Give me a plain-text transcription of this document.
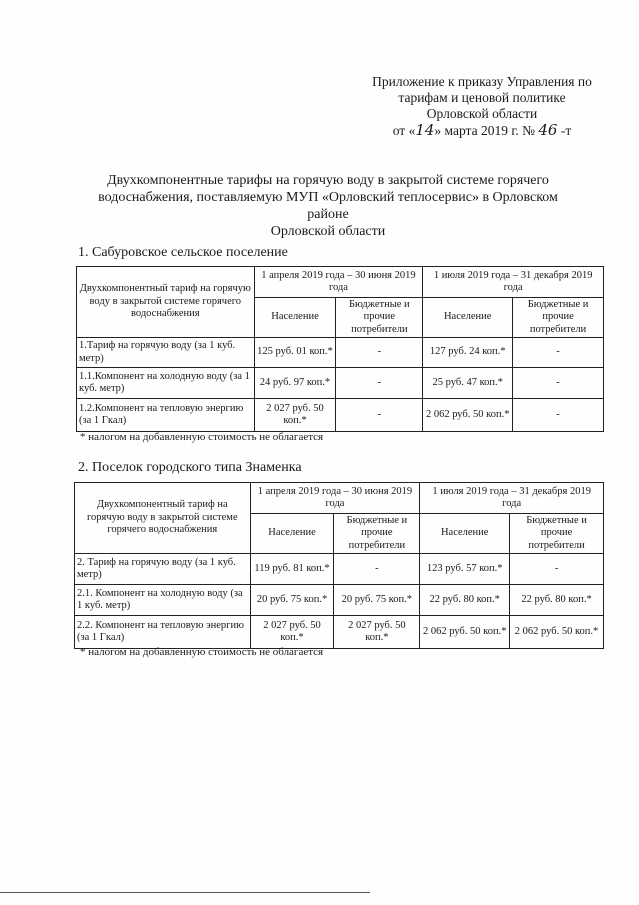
Приложение к приказу Управления по
тарифам и ценовой политике
Орловской области
от «14» марта 2019 г. № 46 -т
Двухкомпонентные тарифы на горячую воду в закрытой системе горячего
водоснабжения, поставляемую МУП «Орловский теплосервис» в Орловском районе
Орловской области
1. Сабуровское сельское поселение
Двухкомпонентный тариф на горячую воду в закрытой системе горячего водоснабжения	1 апреля 2019 года – 30 июня 2019 года		1 июля 2019 года – 31 декабря 2019 года	
	Население	Бюджетные и прочие потребители	Население	Бюджетные и прочие потребители
1.Тариф на горячую воду (за 1 куб. метр)	125 руб. 01 коп.*	-	127 руб. 24 коп.*	-
1.1.Компонент на холодную воду (за 1 куб. метр)	24 руб. 97 коп.*	-	25 руб. 47 коп.*	-
1.2.Компонент на тепловую энергию (за 1 Гкал)	2 027 руб. 50 коп.*	-	2 062 руб. 50 коп.*	-
* налогом на добавленную стоимость не облагается
2. Поселок городского типа Знаменка
Двухкомпонентный тариф на горячую воду в закрытой системе горячего водоснабжения	1 апреля 2019 года – 30 июня 2019 года		1 июля 2019 года – 31 декабря 2019 года	
	Население	Бюджетные и прочие потребители	Население	Бюджетные и прочие потребители
2. Тариф на горячую воду (за 1 куб. метр)	119 руб. 81 коп.*	-	123 руб. 57 коп.*	-
2.1. Компонент на холодную воду (за 1 куб. метр)	20 руб. 75 коп.*	20 руб. 75 коп.*	22 руб. 80 коп.*	22 руб. 80 коп.*
2.2. Компонент на тепловую энергию (за 1 Гкал)	2 027 руб. 50 коп.*	2 027 руб. 50 коп.*	2 062 руб. 50 коп.*	2 062 руб. 50 коп.*
* налогом на добавленную стоимость не облагается
